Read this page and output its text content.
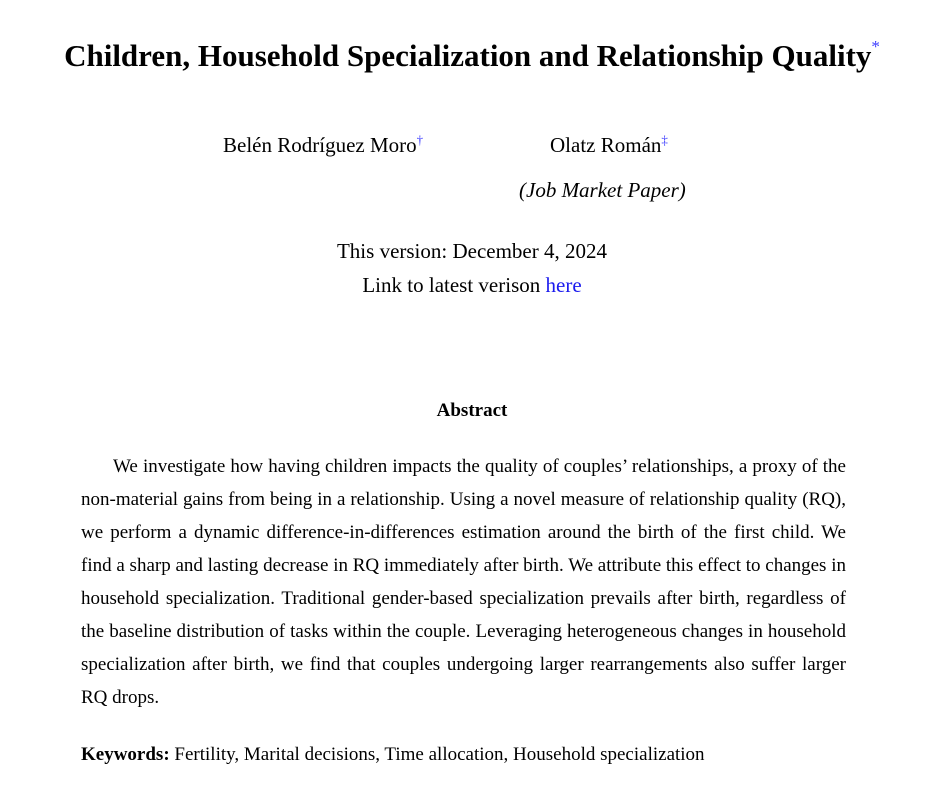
Children, Household Specialization and Relationship Quality*
Belén Rodríguez Moro†	Olatz Román‡
(Job Market Paper)
This version: December 4, 2024
Link to latest verison here
Abstract

We investigate how having children impacts the quality of couples’ relationships, a proxy of the non-material gains from being in a relationship. Using a novel measure of relationship quality (RQ), we perform a dynamic difference-in-differences estimation around the birth of the first child. We find a sharp and lasting decrease in RQ immediately after birth. We attribute this effect to changes in household specialization. Traditional gender-based specialization prevails after birth, regardless of the baseline distribution of tasks within the couple. Leveraging heterogeneous changes in household specialization after birth, we find that couples undergoing larger rearrangements also suffer larger RQ drops.

Keywords: Fertility, Marital decisions, Time allocation, Household specialization
